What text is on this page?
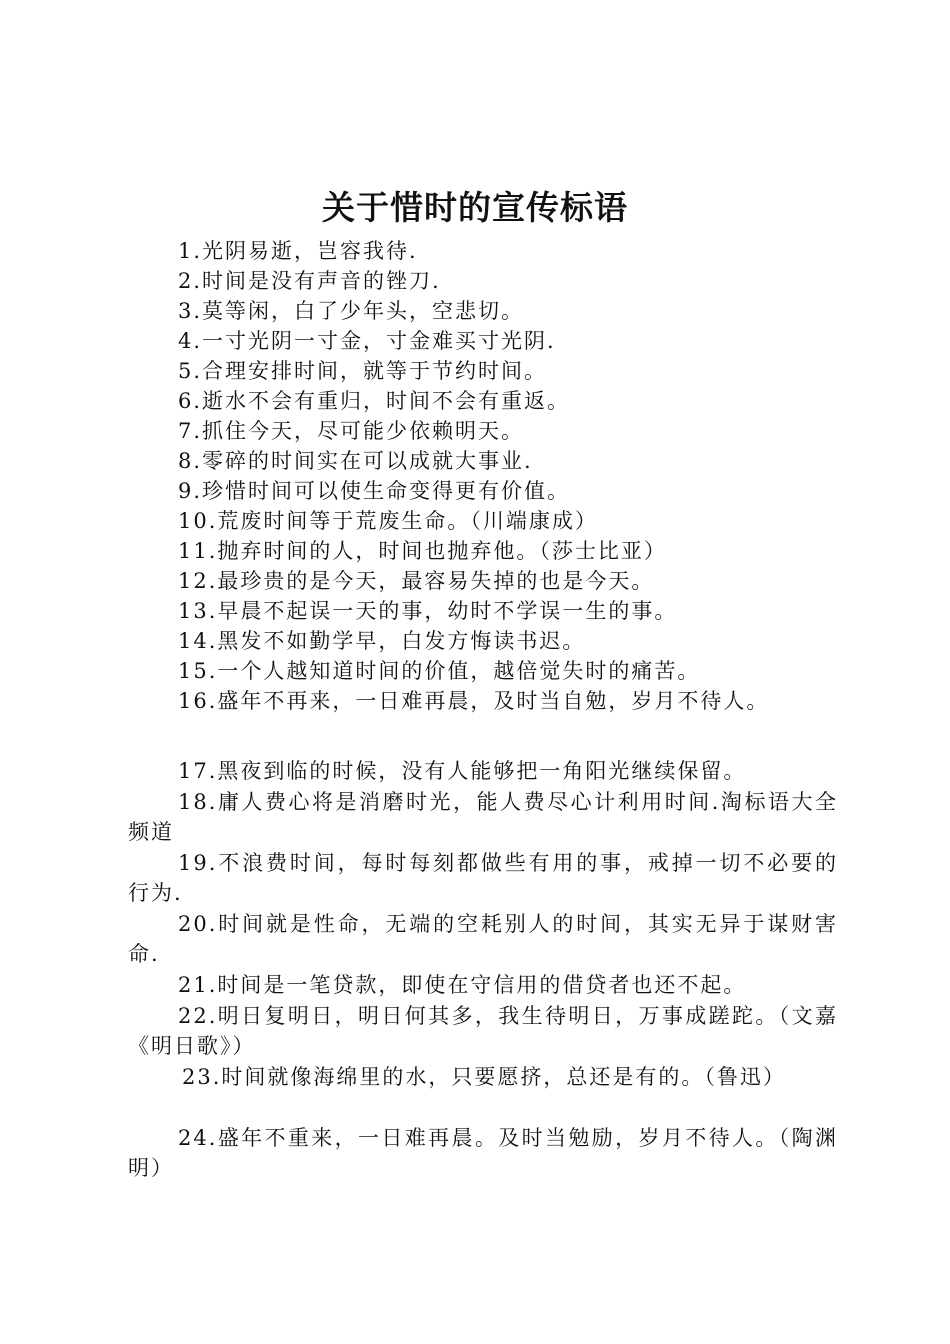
关于惜时的宣传标语
1.光阴易逝，岂容我待.
2.时间是没有声音的锉刀.
3.莫等闲，白了少年头，空悲切。
4.一寸光阴一寸金，寸金难买寸光阴.
5.合理安排时间，就等于节约时间。
6.逝水不会有重归，时间不会有重返。
7.抓住今天，尽可能少依赖明天。
8.零碎的时间实在可以成就大事业.
9.珍惜时间可以使生命变得更有价值。
10.荒废时间等于荒废生命。（川端康成）
11.抛弃时间的人，时间也抛弃他。（莎士比亚）
12.最珍贵的是今天，最容易失掉的也是今天。
13.早晨不起误一天的事，幼时不学误一生的事。
14.黑发不如勤学早，白发方悔读书迟。
15.一个人越知道时间的价值，越倍觉失时的痛苦。
16.盛年不再来，一日难再晨，及时当自勉，岁月不待人。
17.黑夜到临的时候，没有人能够把一角阳光继续保留。
18.庸人费心将是消磨时光，能人费尽心计利用时间.淘标语大全频道
19.不浪费时间，每时每刻都做些有用的事，戒掉一切不必要的行为.
20.时间就是性命，无端的空耗别人的时间，其实无异于谋财害命.
21.时间是一笔贷款，即使在守信用的借贷者也还不起。
22.明日复明日，明日何其多，我生待明日，万事成蹉跎。（文嘉《明日歌》）
23.时间就像海绵里的水，只要愿挤，总还是有的。（鲁迅）
24.盛年不重来，一日难再晨。及时当勉励，岁月不待人。（陶渊明）
